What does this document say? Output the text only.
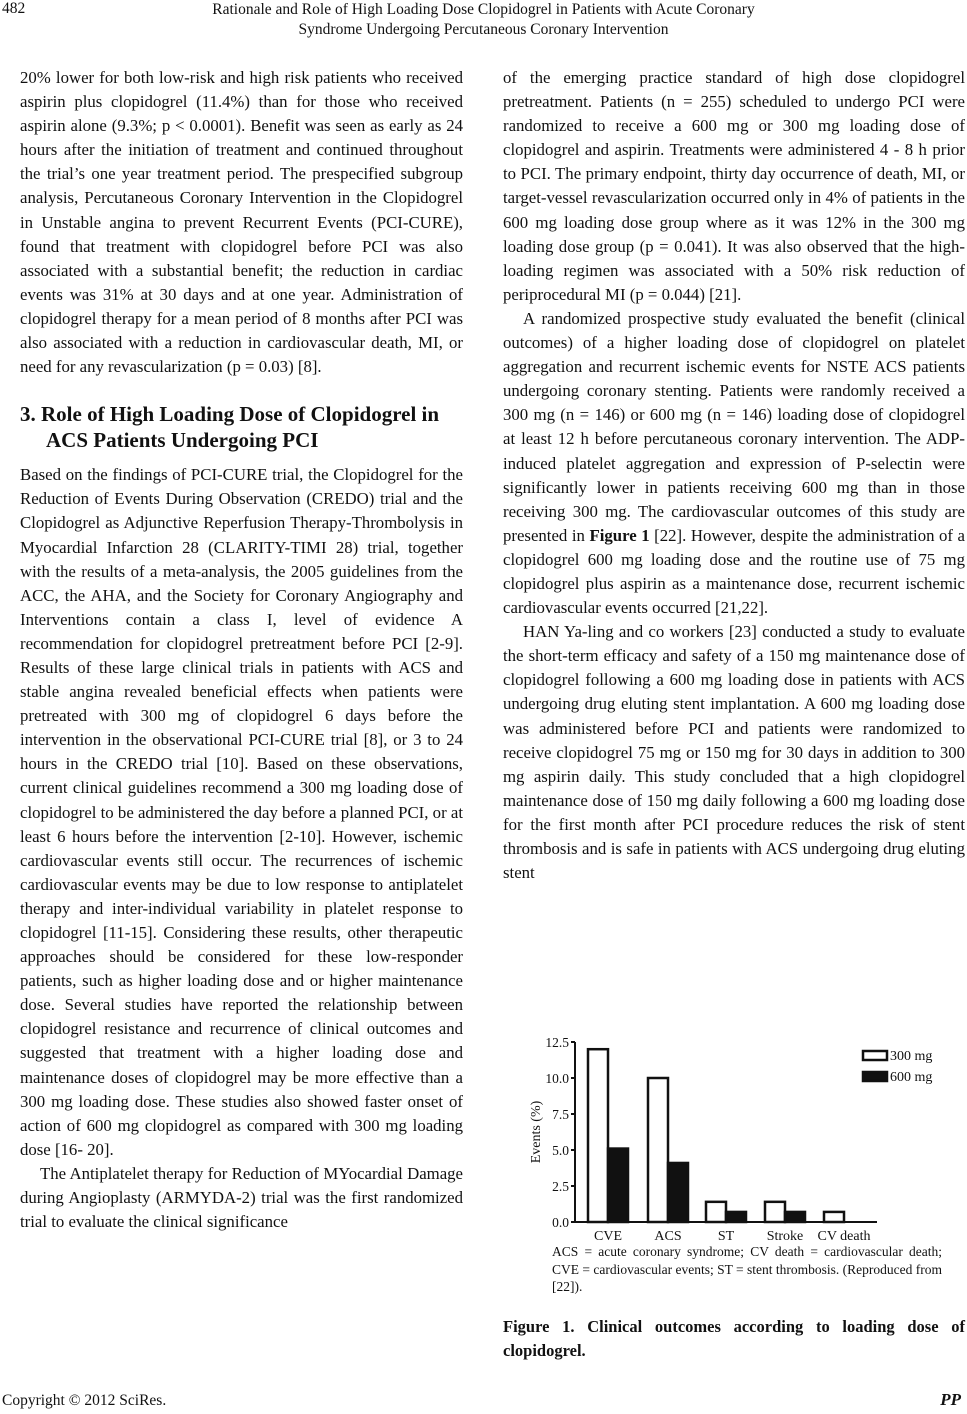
482	Rationale and Role of High Loading Dose Clopidogrel in Patients with Acute Coronary
Syndrome Undergoing Percutaneous Coronary Intervention

20% lower for both low-risk and high risk patients who received aspirin plus clopidogrel (11.4%) than for those who received aspirin alone (9.3%; p < 0.0001). Benefit was seen as early as 24 hours after the initiation of treatment and continued throughout the trial’s one year treatment period. The prespecified subgroup analysis, Percutaneous Coronary Intervention in the Clopidogrel in Unstable angina to prevent Recurrent Events (PCI-CURE), found that treatment with clopidogrel before PCI was also associated with a substantial benefit; the reduction in cardiac events was 31% at 30 days and at one year. Administration of clopidogrel therapy for a mean period of 8 months after PCI was also associated with a reduction in cardiovascular death, MI, or need for any revascularization (p = 0.03) [8].

3. Role of High Loading Dose of Clopidogrel in ACS Patients Undergoing PCI

Based on the findings of PCI-CURE trial, the Clopidogrel for the Reduction of Events During Observation (CREDO) trial and the Clopidogrel as Adjunctive Reperfusion Therapy-Thrombolysis in Myocardial Infarction 28 (CLARITY-TIMI 28) trial, together with the results of a meta-analysis, the 2005 guidelines from the ACC, the AHA, and the Society for Coronary Angiography and Interventions contain a class I, level of evidence A recommendation for clopidogrel pretreatment before PCI [2-9]. Results of these large clinical trials in patients with ACS and stable angina revealed beneficial effects when patients were pretreated with 300 mg of clopidogrel 6 days before the intervention in the observational PCI-CURE trial [8], or 3 to 24 hours in the CREDO trial [10]. Based on these observations, current clinical guidelines recommend a 300 mg loading dose of clopidogrel to be administered the day before a planned PCI, or at least 6 hours before the intervention [2-10]. However, ischemic cardiovascular events still occur. The recurrences of ischemic cardiovascular events may be due to low response to antiplatelet therapy and inter-individual variability in platelet response to clopidogrel [11-15]. Considering these results, other therapeutic approaches should be considered for these low-responder patients, such as higher loading dose and or higher maintenance dose. Several studies have reported the relationship between clopidogrel resistance and recurrence of clinical outcomes and suggested that treatment with a higher loading dose and maintenance doses of clopidogrel may be more effective than a 300 mg loading dose. These studies also showed faster onset of action of 600 mg clopidogrel as compared with 300 mg loading dose [16- 20].

The Antiplatelet therapy for Reduction of MYocardial Damage during Angioplasty (ARMYDA-2) trial was the first randomized trial to evaluate the clinical significance

of the emerging practice standard of high dose clopidogrel pretreatment. Patients (n = 255) scheduled to undergo PCI were randomized to receive a 600 mg or 300 mg loading dose of clopidogrel and aspirin. Treatments were administered 4 - 8 h prior to PCI. The primary endpoint, thirty day occurrence of death, MI, or target-vessel revascularization occurred only in 4% of patients in the 600 mg loading dose group where as it was 12% in the 300 mg loading dose group (p = 0.041). It was also observed that the high-loading regimen was associated with a 50% risk reduction of periprocedural MI (p = 0.044) [21].

A randomized prospective study evaluated the benefit (clinical outcomes) of a higher loading dose of clopidogrel on platelet aggregation and recurrent ischemic events for NSTE ACS patients undergoing coronary stenting. Patients were randomly received a 300 mg (n = 146) or 600 mg (n = 146) loading dose of clopidogrel at least 12 h before percutaneous coronary intervention. The ADP-induced platelet aggregation and expression of P-selectin were significantly lower in patients receiving 600 mg than in those receiving 300 mg. The cardiovascular outcomes of this study are presented in Figure 1 [22]. However, despite the administration of a clopidogrel 600 mg loading dose and the routine use of 75 mg clopidogrel plus aspirin as a maintenance dose, recurrent ischemic cardiovascular events occurred [21,22].

HAN Ya-ling and co workers [23] conducted a study to evaluate the short-term efficacy and safety of a 150 mg maintenance dose of clopidogrel following a 600 mg loading dose in patients with ACS undergoing drug eluting stent implantation. A 600 mg loading dose was administered before PCI and patients were randomized to receive clopidogrel 75 mg or 150 mg for 30 days in addition to 300 mg aspirin daily. This study concluded that a high clopidogrel maintenance dose of 150 mg daily following a 600 mg loading dose for the first month after PCI procedure reduces the risk of stent thrombosis and is safe in patients with ACS undergoing drug eluting stent

0.0
2.5
5.0
7.5
10.0
12.5
Events (%)
CVE ACS	ST Stroke CV death
300 mg
600 mg
ACS = acute coronary syndrome; CV death = cardiovascular death; CVE = cardiovascular events; ST = stent thrombosis. (Reproduced from [22]).
Figure 1. Clinical outcomes according to loading dose of clopidogrel.
Copyright © 2012 SciRes.	PP
